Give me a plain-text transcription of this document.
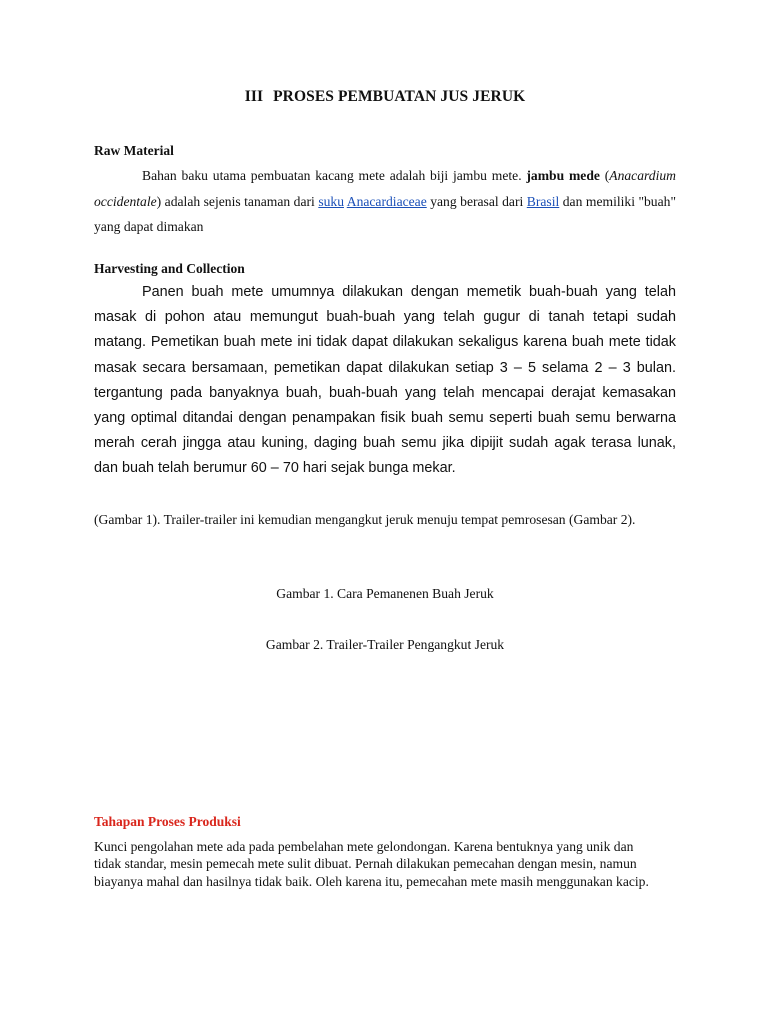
III PROSES PEMBUATAN JUS JERUK
Raw Material

Bahan baku utama pembuatan kacang mete adalah biji jambu mete. jambu mede (Anacardium occidentale) adalah sejenis tanaman dari suku Anacardiaceae yang berasal dari Brasil dan memiliki "buah" yang dapat dimakan

Harvesting and Collection

Panen buah mete umumnya dilakukan dengan memetik buah-buah yang telah masak di pohon atau memungut buah-buah yang telah gugur di tanah tetapi sudah matang. Pemetikan buah mete ini tidak dapat dilakukan sekaligus karena buah mete tidak masak secara bersamaan, pemetikan dapat dilakukan setiap 3 – 5 selama 2 – 3 bulan. tergantung pada banyaknya buah, buah-buah yang telah mencapai derajat kemasakan yang optimal ditandai dengan penampakan fisik buah semu seperti buah semu berwarna merah cerah jingga atau kuning, daging buah semu jika dipijit sudah agak terasa lunak, dan buah telah berumur 60 – 70 hari sejak bunga mekar.

(Gambar 1). Trailer-trailer ini kemudian mengangkut jeruk menuju tempat pemrosesan (Gambar 2).

Gambar 1. Cara Pemanenen Buah Jeruk
Gambar 2. Trailer-Trailer Pengangkut Jeruk
Tahapan Proses Produksi

Kunci pengolahan mete ada pada pembelahan mete gelondongan. Karena bentuknya yang unik dan tidak standar, mesin pemecah mete sulit dibuat. Pernah dilakukan pemecahan dengan mesin, namun biayanya mahal dan hasilnya tidak baik. Oleh karena itu, pemecahan mete masih menggunakan kacip.
